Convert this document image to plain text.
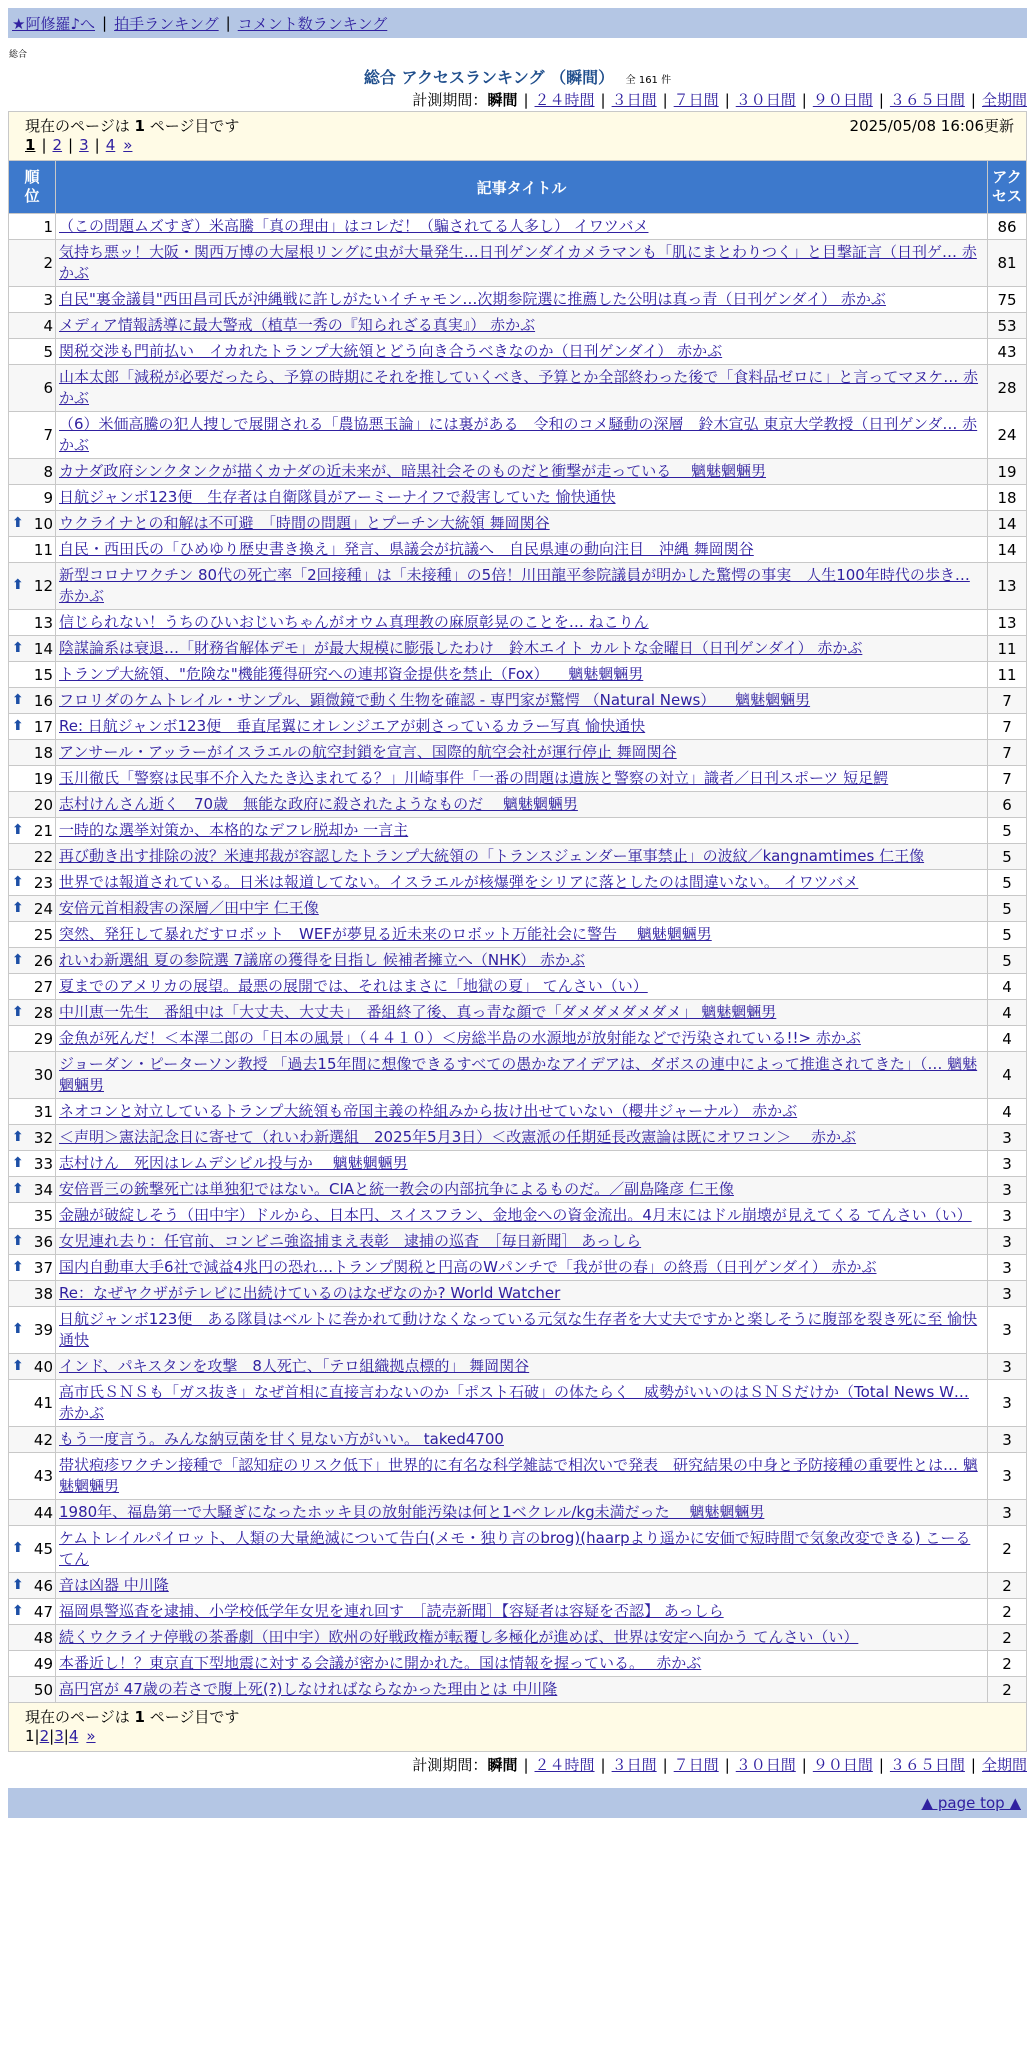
★阿修羅♪へ | 拍手ランキング | コメント数ランキング
総合
総合 アクセスランキング （瞬間） 全 161 件
計測期間：瞬間 | ２４時間 | ３日間 | ７日間 | ３０日間 | ９０日間 | ３６５日間 | 全期間
現在のページは 1 ページ目です	2025/05/08 16:06更新
1 | 2 | 3 | 4 »
順位	記事タイトル	アクセス
1	（この問題ムズすぎ）米高騰「真の理由」はコレだ！（騙されてる人多し） イワツバメ	86
2	気持ち悪ッ！大阪・関西万博の大屋根リングに虫が大量発生…日刊ゲンダイカメラマンも「肌にまとわりつく」と目撃証言（日刊ゲ… 赤かぶ	81
3	自民"裏金議員"西田昌司氏が沖縄戦に許しがたいイチャモン…次期参院選に推薦した公明は真っ青（日刊ゲンダイ） 赤かぶ	75
4	メディア情報誘導に最大警戒（植草一秀の『知られざる真実』） 赤かぶ	53
5	関税交渉も門前払い　イカれたトランプ大統領とどう向き合うべきなのか（日刊ゲンダイ） 赤かぶ	43
6	山本太郎「減税が必要だったら、予算の時期にそれを推していくべき、予算とか全部終わった後で「食料品ゼロに」と言ってマヌケ… 赤かぶ	28
7	（6）米価高騰の犯人捜しで展開される「農協悪玉論」には裏がある　令和のコメ騒動の深層　鈴木宣弘 東京大学教授（日刊ゲンダ… 赤かぶ	24
8	カナダ政府シンクタンクが描くカナダの近未来が、暗黒社会そのものだと衝撃が走っている　 魑魅魍魎男	19
9	日航ジャンボ123便　生存者は自衛隊員がアーミーナイフで殺害していた 愉快通快	18

⬆ 10	ウクライナとの和解は不可避　「時間の問題」とプーチン大統領 舞岡関谷	14
11	自民・西田氏の「ひめゆり歴史書き換え」発言、県議会が抗議へ　自民県連の動向注目　沖縄 舞岡関谷	14

⬆ 12	新型コロナワクチン 80代の死亡率「2回接種」は「未接種」の5倍！川田龍平参院議員が明かした驚愕の事実　人生100年時代の歩き… 赤かぶ	13
13	信じられない！うちのひいおじいちゃんがオウム真理教の麻原彰晃のことを… ねこりん	13

⬆ 14	陰謀論系は衰退…「財務省解体デモ」が最大規模に膨張したわけ　鈴木エイト カルトな金曜日（日刊ゲンダイ） 赤かぶ	11
15	トランプ大統領、"危険な"機能獲得研究への連邦資金提供を禁止（Fox） 　魑魅魍魎男	11

⬆ 16	フロリダのケムトレイル・サンプル、顕微鏡で動く生物を確認 - 専門家が驚愕 （Natural News） 　魑魅魍魎男	7

⬆ 17	Re: 日航ジャンボ123便　垂直尾翼にオレンジエアが刺さっているカラー写真 愉快通快	7
18	アンサール・アッラーがイスラエルの航空封鎖を宣言、国際的航空会社が運行停止 舞岡関谷	7
19	玉川徹氏「警察は民事不介入たたき込まれてる？」川崎事件「一番の問題は遺族と警察の対立」識者／日刊スポーツ 短足鰐	7
20	志村けんさん逝く　70歳　無能な政府に殺されたようなものだ 　魑魅魍魎男	6

⬆ 21	一時的な選挙対策か、本格的なデフレ脱却か 一言主	5
22	再び動き出す排除の波？米連邦裁が容認したトランプ大統領の「トランスジェンダー軍事禁止」の波紋／kangnamtimes 仁王像	5

⬆ 23	世界では報道されている。日米は報道してない。イスラエルが核爆弾をシリアに落としたのは間違いない。 イワツバメ	5

⬆ 24	安倍元首相殺害の深層／田中宇 仁王像	5
25	突然、発狂して暴れだすロボット　WEFが夢見る近未来のロボット万能社会に警告　 魑魅魍魎男	5

⬆ 26	れいわ新選組 夏の参院選 7議席の獲得を目指し 候補者擁立へ（NHK） 赤かぶ	5
27	夏までのアメリカの展望。最悪の展開では、それはまさに「地獄の夏」 てんさい（い）	4

⬆ 28	中川恵一先生　番組中は「大丈夫、大丈夫」　番組終了後、真っ青な顔で「ダメダメダメダメ」 魑魅魍魎男	4
29	金魚が死んだ！＜本澤二郎の「日本の風景」（４４１０）＜房総半島の水源地が放射能などで汚染されている!!> 赤かぶ	4
30	ジョーダン・ピーターソン教授 「過去15年間に想像できるすべての愚かなアイデアは、ダボスの連中によって推進されてきた」（… 魑魅魍魎男	4
31	ネオコンと対立しているトランプ大統領も帝国主義の枠組みから抜け出せていない（櫻井ジャーナル） 赤かぶ	4

⬆ 32	＜声明＞憲法記念日に寄せて（れいわ新選組　2025年5月3日）＜改憲派の任期延長改憲論は既にオワコン＞ 　赤かぶ	3

⬆ 33	志村けん　死因はレムデシビル投与か　 魑魅魍魎男	3

⬆ 34	安倍晋三の銃撃死亡は単独犯ではない。CIAと統一教会の内部抗争によるものだ。／副島隆彦 仁王像	3
35	金融が破綻しそう（田中宇）ドルから、日本円、スイスフラン、金地金への資金流出。4月末にはドル崩壊が見えてくる てんさい（い）	3

⬆ 36	女児連れ去り：任官前、コンビニ強盗捕まえ表彰　逮捕の巡査　［毎日新聞］ あっしら	3

⬆ 37	国内自動車大手6社で減益4兆円の恐れ…トランプ関税と円高のWパンチで「我が世の春」の終焉（日刊ゲンダイ） 赤かぶ	3
38	Re：なぜヤクザがテレビに出続けているのはなぜなのか? World Watcher	3

⬆ 39	日航ジャンボ123便　ある隊員はベルトに巻かれて動けなくなっている元気な生存者を大丈夫ですかと楽しそうに腹部を裂き死に至 愉快通快	3

⬆ 40	インド、パキスタンを攻撃　8人死亡、「テロ組織拠点標的」 舞岡関谷	3
41	高市氏ＳＮＳも「ガス抜き」なぜ首相に直接言わないのか「ポスト石破」の体たらく　威勢がいいのはＳＮＳだけか（Total News W… 赤かぶ	3
42	もう一度言う。みんな納豆菌を甘く見ない方がいい。 taked4700	3
43	帯状疱疹ワクチン接種で「認知症のリスク低下」世界的に有名な科学雑誌で相次いで発表　研究結果の中身と予防接種の重要性とは… 魑魅魍魎男	3
44	1980年、福島第一で大騒ぎになったホッキ貝の放射能汚染は何と1ベクレル/kg未満だった　 魑魅魍魎男	3

⬆ 45	ケムトレイルパイロット、人類の大量絶滅について告白(メモ・独り言のbrog)(haarpより遥かに安価で短時間で気象改変できる) こーるてん	2

⬆ 46	音は凶器 中川隆	2

⬆ 47	福岡県警巡査を逮捕、小学校低学年女児を連れ回す　［読売新聞］【容疑者は容疑を否認】 あっしら	2
48	続くウクライナ停戦の茶番劇（田中宇）欧州の好戦政権が転覆し多極化が進めば、世界は安定へ向かう てんさい（い）	2
49	本番近し！？東京直下型地震に対する会議が密かに開かれた。国は情報を握っている。　 赤かぶ	2
50	高円宮が 47歳の若さで腹上死(?)しなければならなかった理由とは 中川隆	2
現在のページは 1 ページ目です
1|2|3|4 »
計測期間：瞬間 | ２４時間 | ３日間 | ７日間 | ３０日間 | ９０日間 | ３６５日間 | 全期間
▲ page top ▲
